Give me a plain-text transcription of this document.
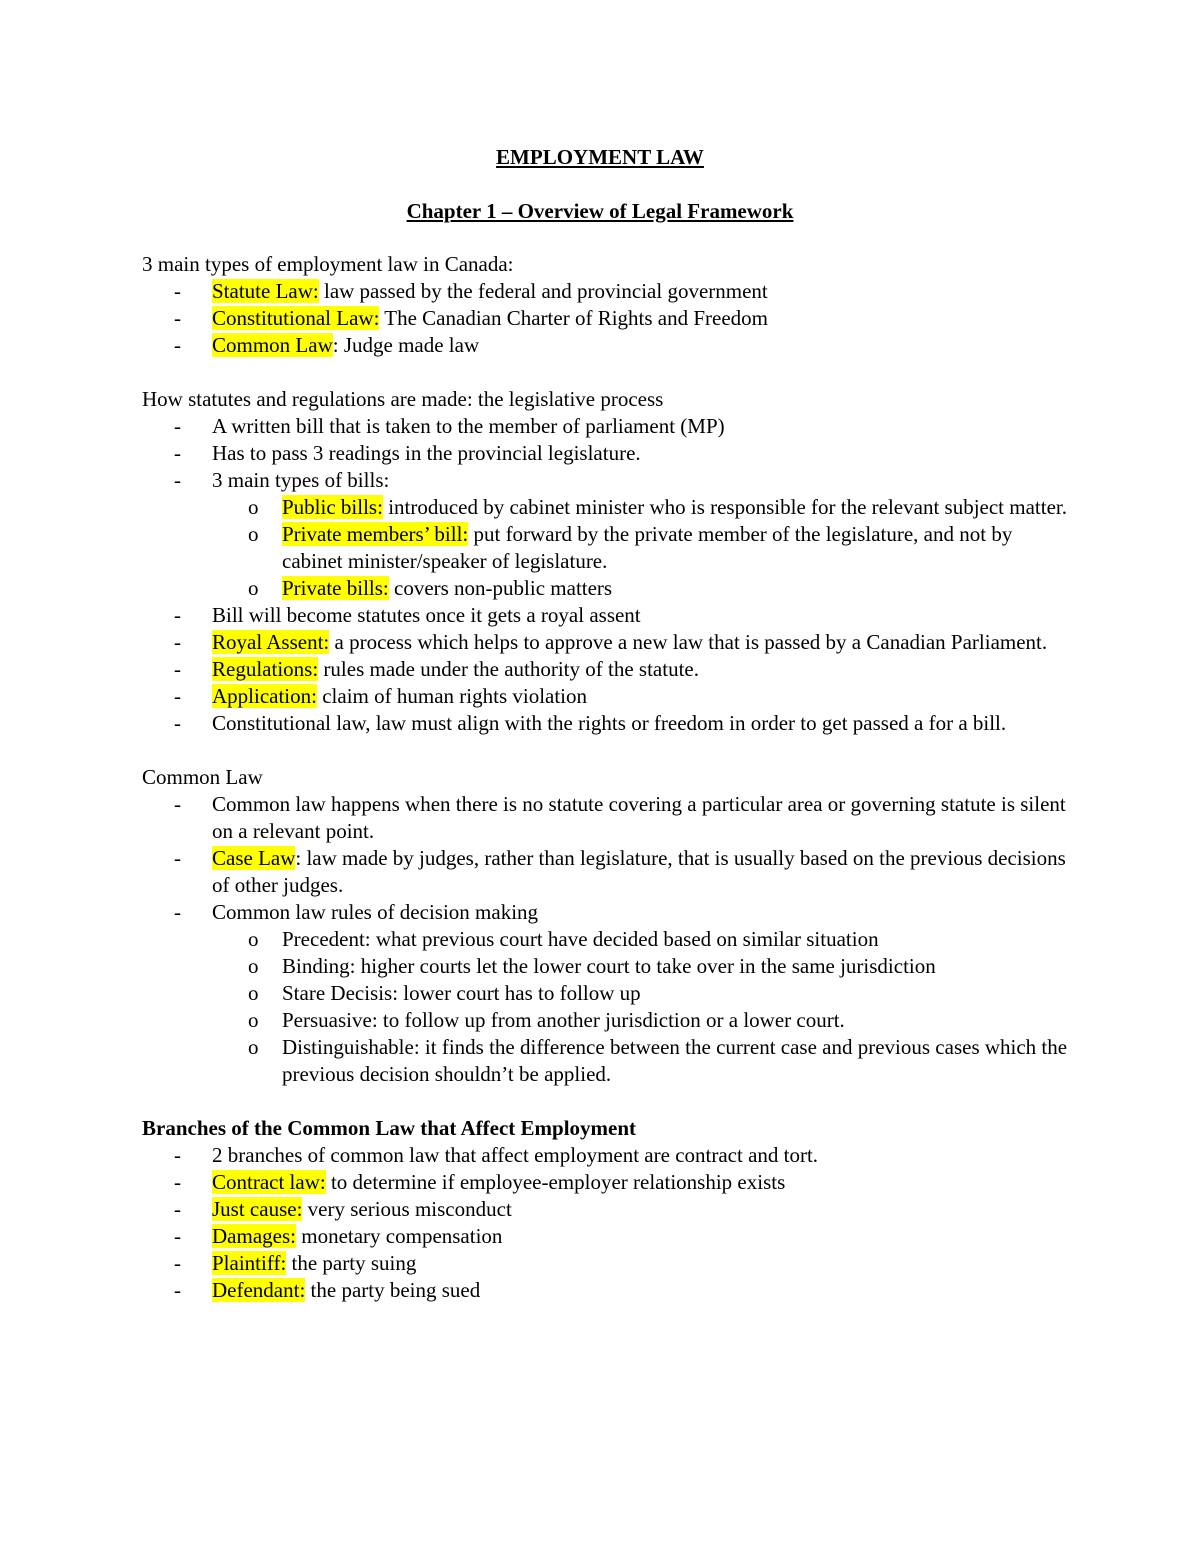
EMPLOYMENT LAW
Chapter 1 – Overview of Legal Framework

3 main types of employment law in Canada:

- Statute Law: law passed by the federal and provincial government
- Constitutional Law: The Canadian Charter of Rights and Freedom
- Common Law: Judge made law

How statutes and regulations are made: the legislative process

- A written bill that is taken to the member of parliament (MP)
- Has to pass 3 readings in the provincial legislature.
- 3 main types of bills:
o Public bills: introduced by cabinet minister who is responsible for the relevant subject matter.
o Private members’ bill: put forward by the private member of the legislature, and not by cabinet minister/speaker of legislature.
o Private bills: covers non-public matters
- Bill will become statutes once it gets a royal assent
- Royal Assent: a process which helps to approve a new law that is passed by a Canadian Parliament.
- Regulations: rules made under the authority of the statute.
- Application: claim of human rights violation
- Constitutional law, law must align with the rights or freedom in order to get passed a for a bill.

Common Law

- Common law happens when there is no statute covering a particular area or governing statute is silent on a relevant point.
- Case Law: law made by judges, rather than legislature, that is usually based on the previous decisions of other judges.
- Common law rules of decision making
o Precedent: what previous court have decided based on similar situation
o Binding: higher courts let the lower court to take over in the same jurisdiction
o Stare Decisis: lower court has to follow up
o Persuasive: to follow up from another jurisdiction or a lower court.
o Distinguishable: it finds the difference between the current case and previous cases which the previous decision shouldn’t be applied.

Branches of the Common Law that Affect Employment

- 2 branches of common law that affect employment are contract and tort.
- Contract law: to determine if employee-employer relationship exists
- Just cause: very serious misconduct
- Damages: monetary compensation
- Plaintiff: the party suing
- Defendant: the party being sued
